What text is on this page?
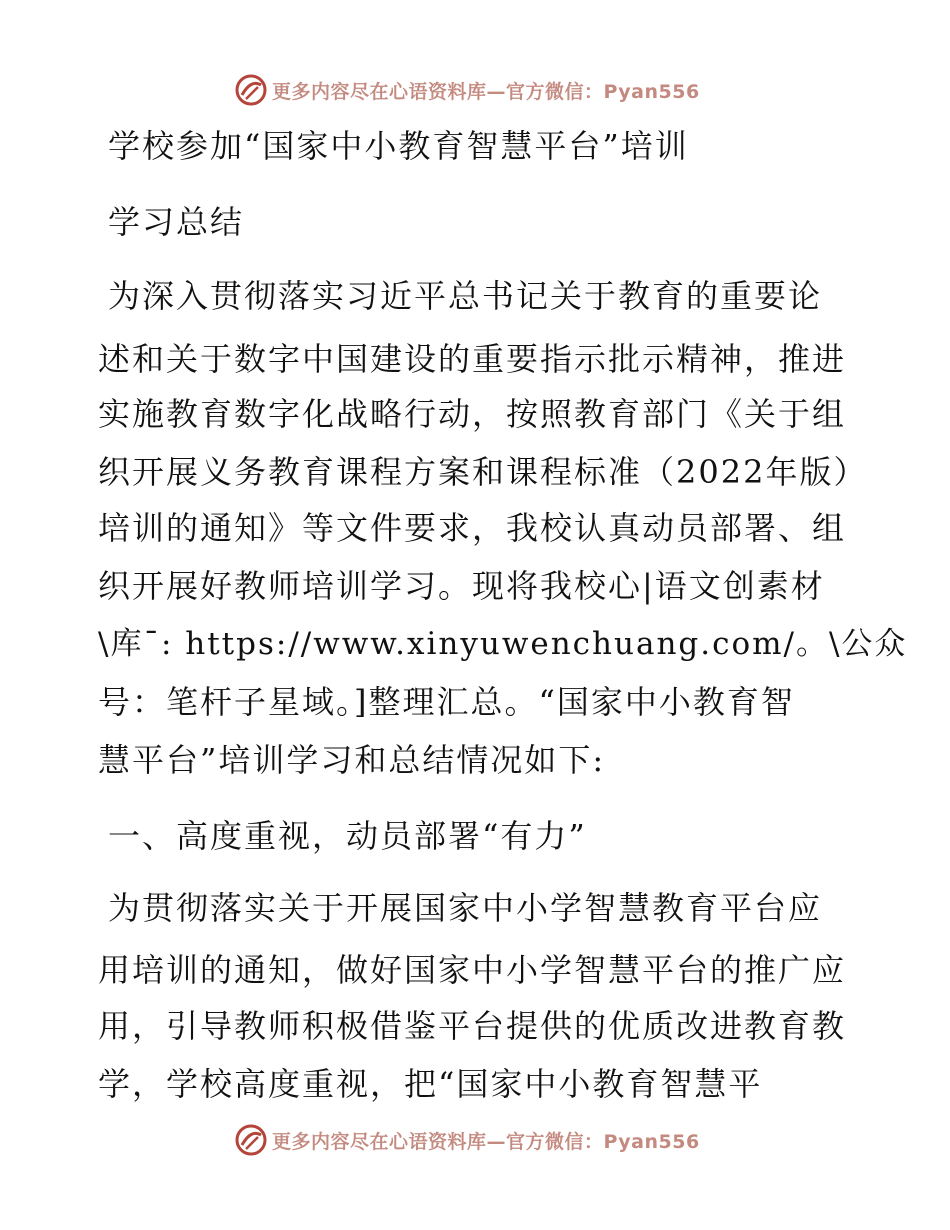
更多内容尽在心语资料库—官方微信：Pyan556
学校参加“国家中小教育智慧平台”培训
学习总结
为深入贯彻落实习近平总书记关于教育的重要论
述和关于数字中国建设的重要指示批示精神，推进
实施教育数字化战略行动，按照教育部门《关于组
织开展义务教育课程方案和课程标准（2022年版）
培训的通知》等文件要求，我校认真动员部署、组
织开展好教师培训学习。现将我校心|语文创素材
\库¯: https://www.xinyuwenchuang.com/。\公众
号：笔杆子星域。]整理汇总。“国家中小教育智
慧平台”培训学习和总结情况如下:
一、高度重视，动员部署“有力”
为贯彻落实关于开展国家中小学智慧教育平台应
用培训的通知，做好国家中小学智慧平台的推广应
用，引导教师积极借鉴平台提供的优质改进教育教
学，学校高度重视，把“国家中小教育智慧平
更多内容尽在心语资料库—官方微信：Pyan556
